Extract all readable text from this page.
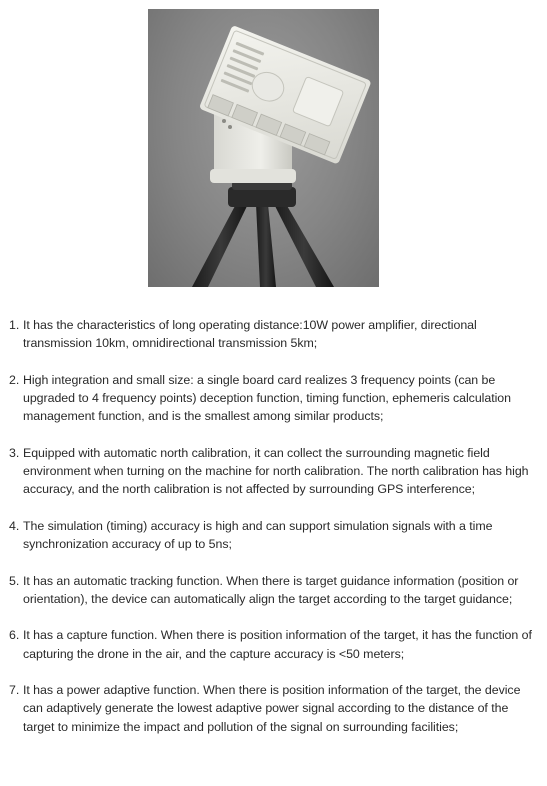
1. It has the characteristics of long operating distance:10W power amplifier, directional transmission 10km, omnidirectional transmission 5km;
2. High integration and small size: a single board card realizes 3 frequency points (can be upgraded to 4 frequency points) deception function, timing function, ephemeris calculation management function, and is the smallest among similar products;
3. Equipped with automatic north calibration, it can collect the surrounding magnetic field environment when turning on the machine for north calibration. The north calibration has high accuracy, and the north calibration is not affected by surrounding GPS interference;
4. The simulation (timing) accuracy is high and can support simulation signals with a time synchronization accuracy of up to 5ns;
5. It has an automatic tracking function. When there is target guidance information (position or orientation), the device can automatically align the target according to the target guidance;
6. It has a capture function. When there is position information of the target, it has the function of capturing the drone in the air, and the capture accuracy is <50 meters;
7. It has a power adaptive function. When there is position information of the target, the device can adaptively generate the lowest adaptive power signal according to the distance of the target to minimize the impact and pollution of the signal on surrounding facilities;
